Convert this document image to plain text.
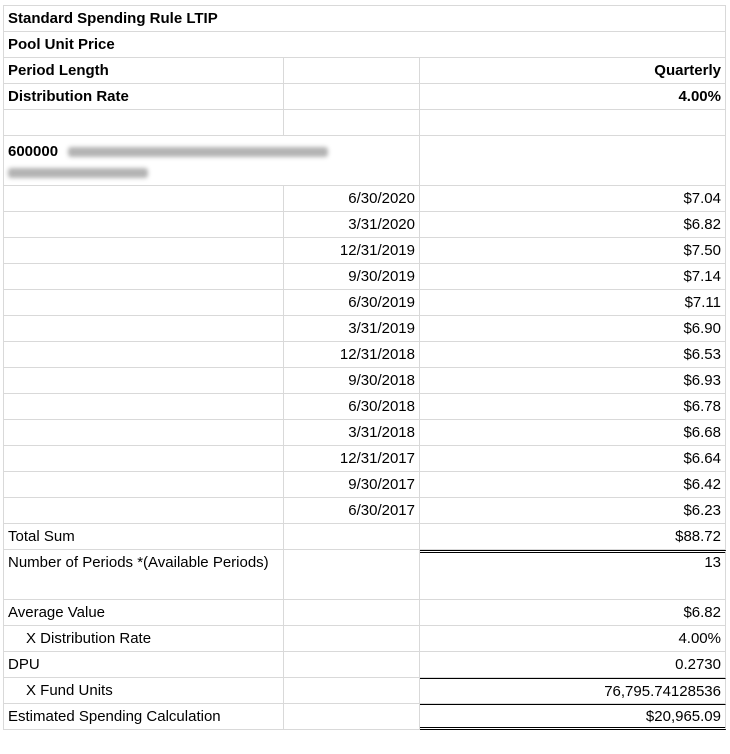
Standard Spending Rule LTIP
Pool Unit Price
Period Length	Quarterly
Distribution Rate	4.00%
600000
6/30/2020	$7.04
3/31/2020	$6.82
12/31/2019	$7.50
9/30/2019	$7.14
6/30/2019	$7.11
3/31/2019	$6.90
12/31/2018	$6.53
9/30/2018	$6.93
6/30/2018	$6.78
3/31/2018	$6.68
12/31/2017	$6.64
9/30/2017	$6.42
6/30/2017	$6.23
Total Sum	$88.72
Number of Periods *(Available Periods)	13
Average Value	$6.82
X Distribution Rate	4.00%
DPU	0.2730
X Fund Units	76,795.74128536
Estimated Spending Calculation	$20,965.09
